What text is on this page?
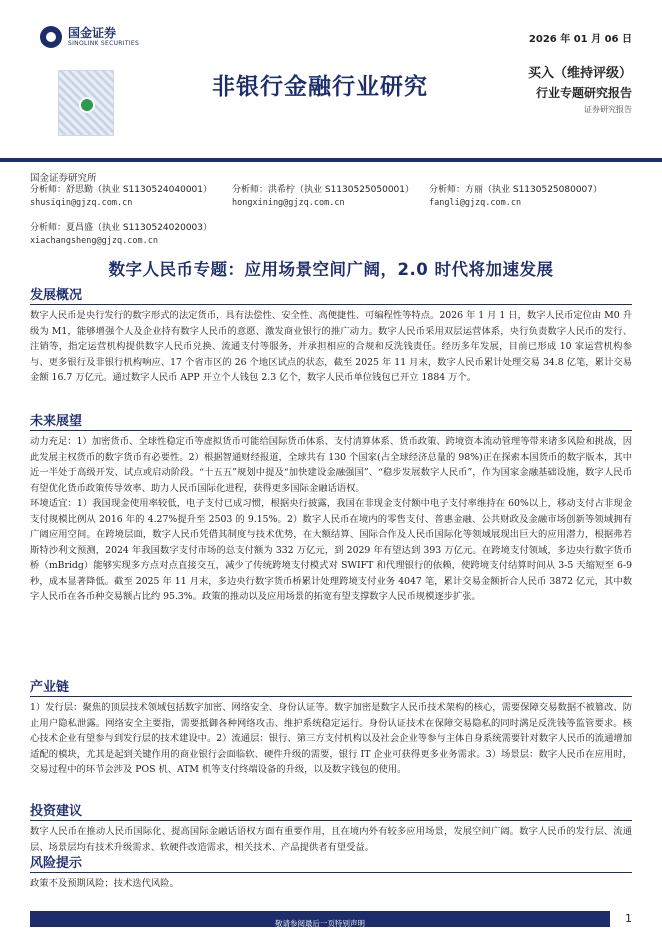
国金证券
SINOLINK SECURITIES	2026 年 01 月 06 日
非银行金融行业研究
买入（维持评级）
行业专题研究报告
证券研究报告
国金证券研究所
分析师：舒思勤（执业 S1130524040001）
shusiqin@gjzq.com.cn
分析师：洪希柠（执业 S1130525050001）
hongxining@gjzq.com.cn
分析师：方丽（执业 S1130525080007）
fangli@gjzq.com.cn
分析师：夏昌盛（执业 S1130524020003）
xiachangsheng@gjzq.com.cn
数字人民币专题：应用场景空间广阔，2.0 时代将加速发展
发展概况

数字人民币是央行发行的数字形式的法定货币，具有法偿性、安全性、高便捷性、可编程性等特点。2026 年 1 月 1 日，数字人民币定位由 M0 升级为 M1，能够增强个人及企业持有数字人民币的意愿、激发商业银行的推广动力。数字人民币采用双层运营体系，央行负责数字人民币的发行、注销等，指定运营机构提供数字人民币兑换、流通支付等服务，并承担相应的合规和反洗钱责任。经历多年发展，目前已形成 10 家运营机构参与、更多银行及非银行机构响应、17 个省市区的 26 个地区试点的状态，截至 2025 年 11 月末，数字人民币累计处理交易 34.8 亿笔，累计交易金额 16.7 万亿元。通过数字人民币 APP 开立个人钱包 2.3 亿个，数字人民币单位钱包已开立 1884 万个。

未来展望

动力充足：1）加密货币、全球性稳定币等虚拟货币可能给国际货币体系、支付清算体系、货币政策、跨境资本流动管理等带来诸多风险和挑战，因此发展主权货币的数字货币有必要性。2）根据智通财经报道，全球共有 130 个国家(占全球经济总量的 98%)正在探索本国货币的数字版本，其中近一半处于高级开发、试点或启动阶段。“十五五”规划中提及“加快建设金融强国”、“稳步发展数字人民币”，作为国家金融基础设施，数字人民币有望优化货币政策传导效率、助力人民币国际化进程，获得更多国际金融话语权。

环境适宜：1）我国现金使用率较低，电子支付已成习惯，根据央行披露，我国在非现金支付额中电子支付率维持在 60%以上，移动支付占非现金支付规模比例从 2016 年的 4.27%提升至 2503 的 9.15%。2）数字人民币在境内的零售支付、普惠金融、公共财政及金融市场创新等领域拥有广阔应用空间。在跨境层面，数字人民币凭借其制度与技术优势，在大额结算、国际合作及人民币国际化等领域展现出巨大的应用潜力，根据弗若斯特沙利文预测，2024 年我国数字支付市场的总支付额为 332 万亿元，到 2029 年有望达到 393 万亿元。在跨境支付领域，多边央行数字货币桥（mBridg）能够实现多方点对点直接交互，减少了传统跨境支付模式对 SWIFT 和代理银行的依赖，使跨境支付结算时间从 3-5 天缩短至 6-9 秒，成本显著降低。截至 2025 年 11 月末，多边央行数字货币桥累计处理跨境支付业务 4047 笔，累计交易金额折合人民币 3872 亿元，其中数字人民币在各币种交易额占比约 95.3%。政策的推动以及应用场景的拓宽有望支撑数字人民币规模逐步扩张。

产业链

1）发行层：聚焦的顶层技术领域包括数字加密、网络安全、身份认证等。数字加密是数字人民币技术架构的核心，需要保障交易数据不被篡改、防止用户隐私泄露。网络安全主要指，需要抵御各种网络攻击、维护系统稳定运行。身份认证技术在保障交易隐私的同时满足反洗钱等监管要求。核心技术企业有望参与到发行层的技术建设中。2）流通层：银行、第三方支付机构以及社会企业等参与主体自身系统需要针对数字人民币的流通增加适配的模块，尤其是起到关键作用的商业银行会面临软、硬件升级的需要，银行 IT 企业可获得更多业务需求。3）场景层：数字人民币在应用时，交易过程中的环节会涉及 POS 机、ATM 机等支付终端设备的升级，以及数字钱包的使用。

投资建议

数字人民币在推动人民币国际化、提高国际金融话语权方面有重要作用，且在境内外有较多应用场景，发展空间广阔。数字人民币的发行层、流通层、场景层均有技术升级需求、软硬件改造需求，相关技术、产品提供者有望受益。

风险提示

政策不及预期风险；技术迭代风险。

敬请参阅最后一页特别声明	1
